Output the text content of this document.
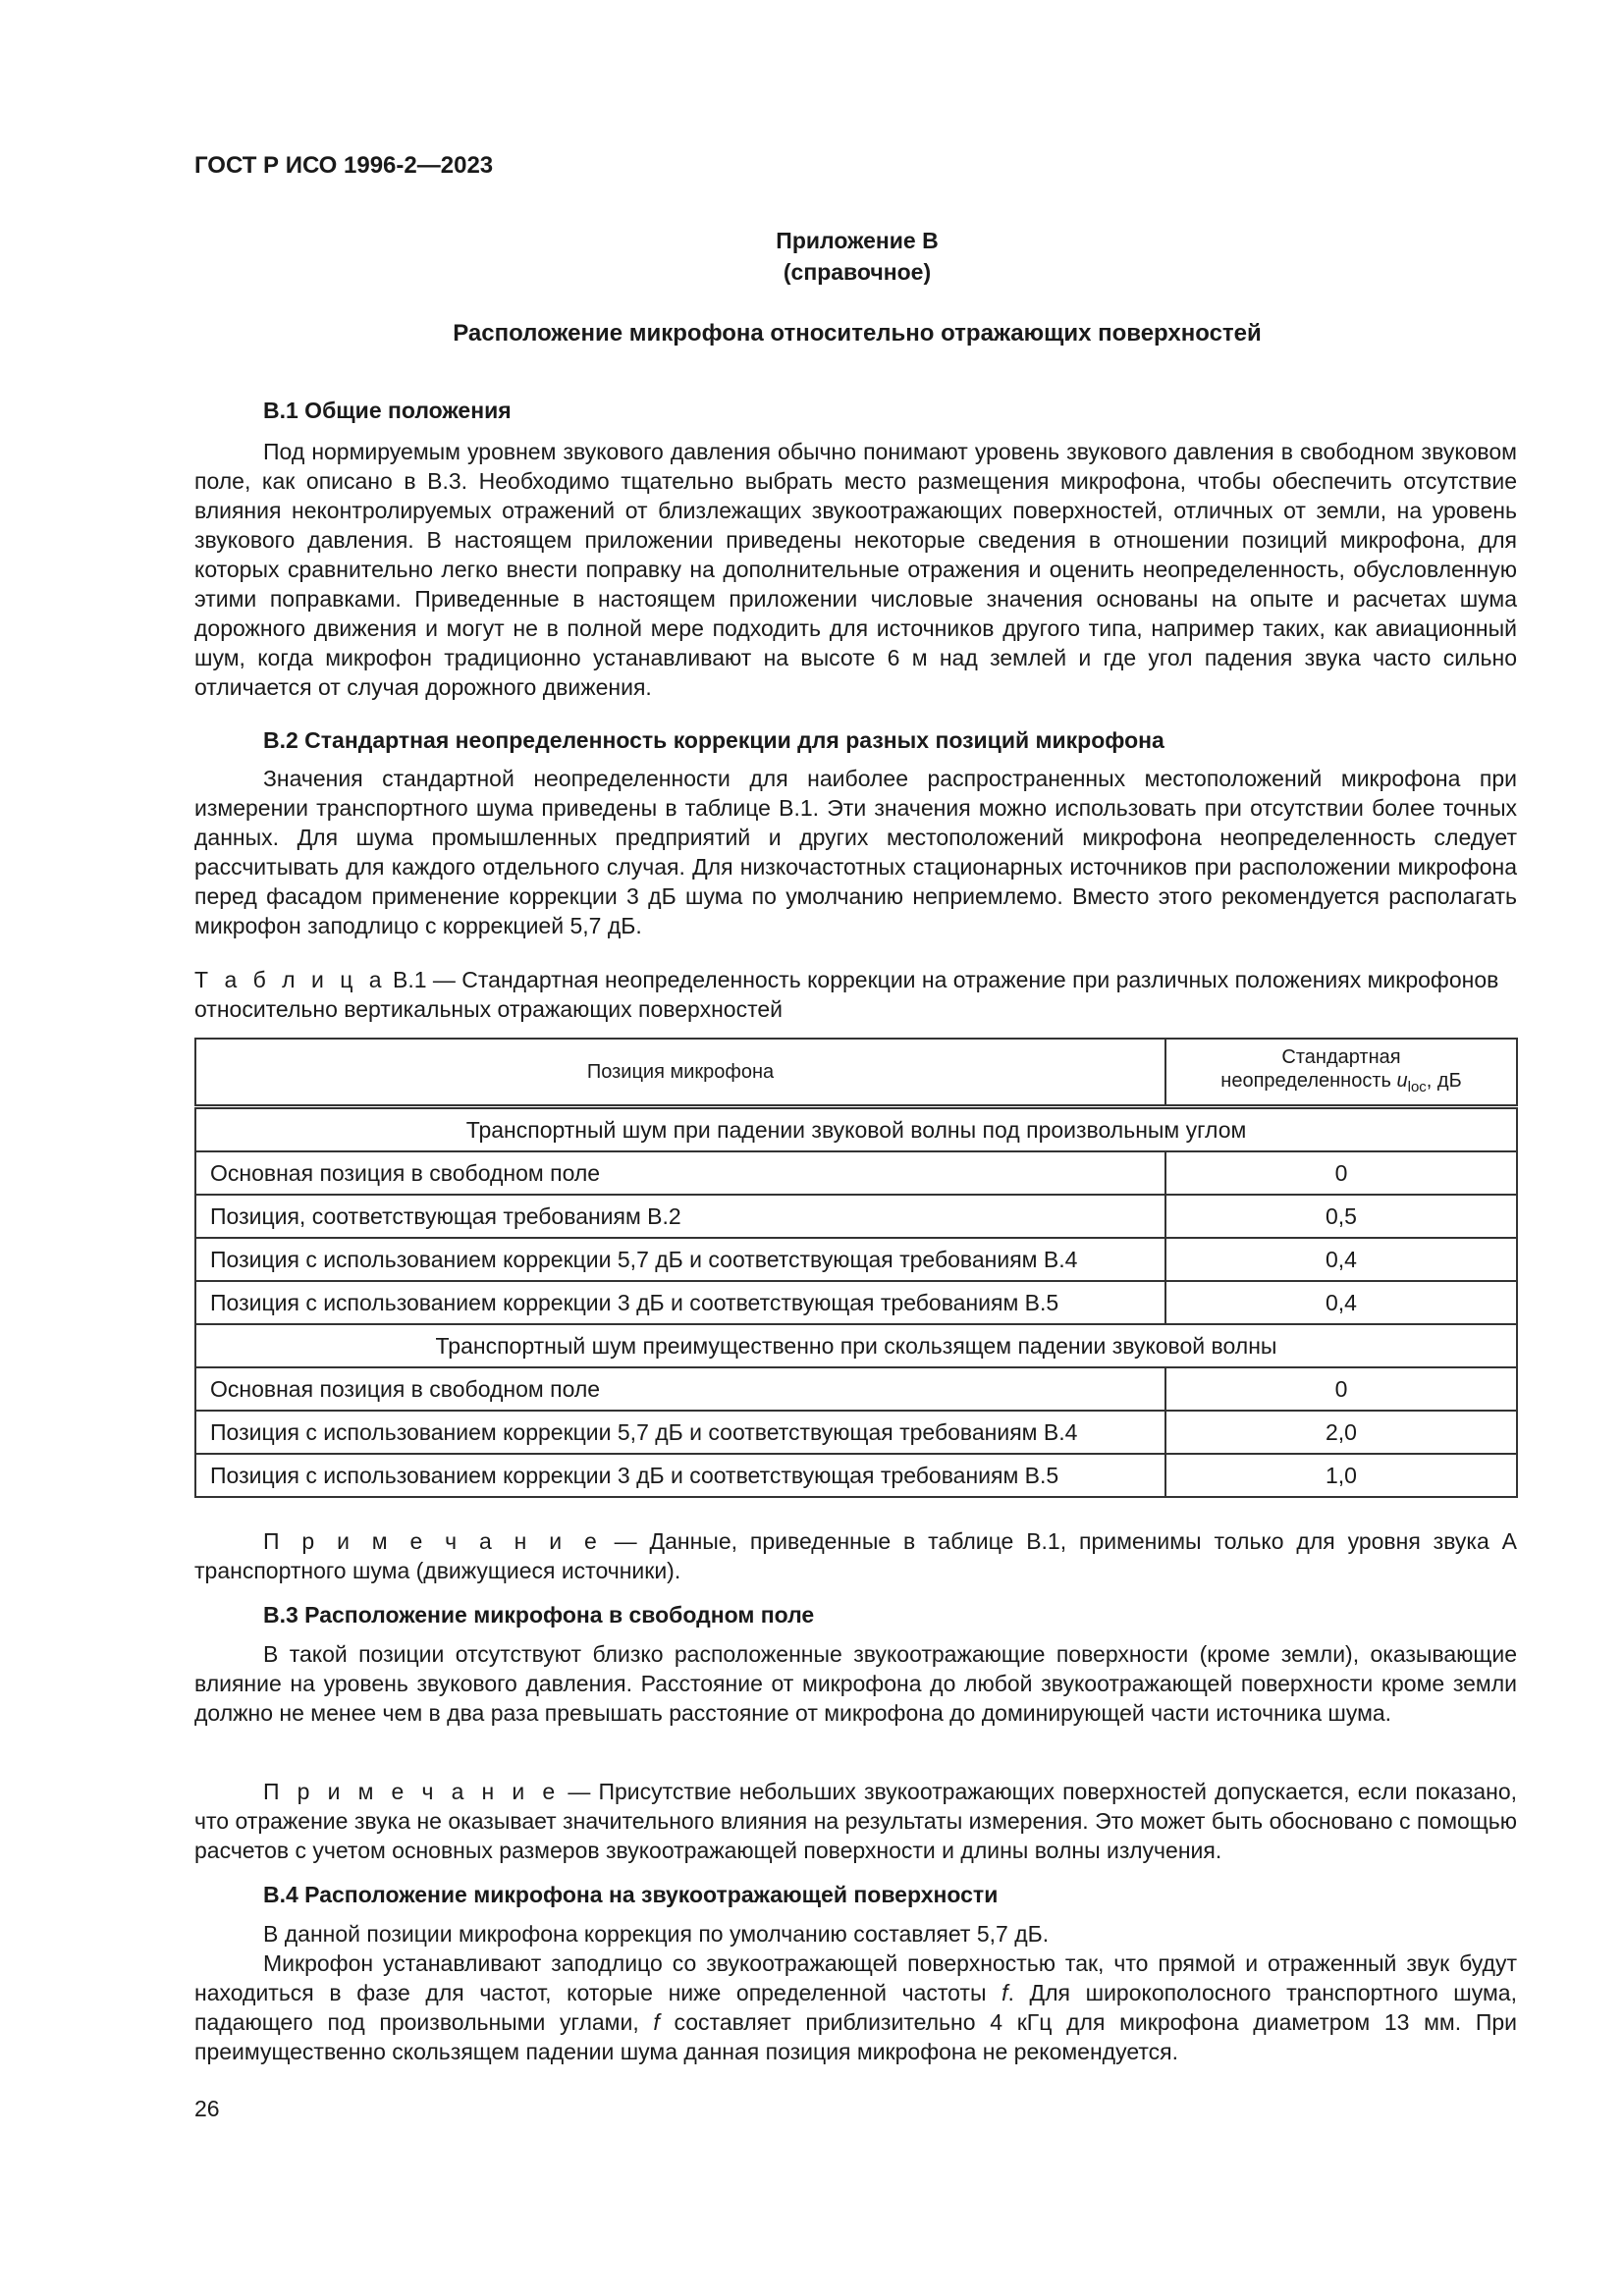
ГОСТ Р ИСО 1996-2—2023
Приложение В
(справочное)
Расположение микрофона относительно отражающих поверхностей
В.1 Общие положения

Под нормируемым уровнем звукового давления обычно понимают уровень звукового давления в свободном звуковом поле, как описано в В.3. Необходимо тщательно выбрать место размещения микрофона, чтобы обеспечить отсутствие влияния неконтролируемых отражений от близлежащих звукоотражающих поверхностей, отличных от земли, на уровень звукового давления. В настоящем приложении приведены некоторые сведения в отношении позиций микрофона, для которых сравнительно легко внести поправку на дополнительные отражения и оценить неопределенность, обусловленную этими поправками. Приведенные в настоящем приложении числовые значения основаны на опыте и расчетах шума дорожного движения и могут не в полной мере подходить для источников другого типа, например таких, как авиационный шум, когда микрофон традиционно устанавливают на высоте 6 м над землей и где угол падения звука часто сильно отличается от случая дорожного движения.

В.2 Стандартная неопределенность коррекции для разных позиций микрофона

Значения стандартной неопределенности для наиболее распространенных местоположений микрофона при измерении транспортного шума приведены в таблице В.1. Эти значения можно использовать при отсутствии более точных данных. Для шума промышленных предприятий и других местоположений микрофона неопределенность следует рассчитывать для каждого отдельного случая. Для низкочастотных стационарных источников при расположении микрофона перед фасадом применение коррекции 3 дБ шума по умолчанию неприемлемо. Вместо этого рекомендуется располагать микрофон заподлицо с коррекцией 5,7 дБ.

Т а б л и ц а В.1 — Стандартная неопределенность коррекции на отражение при различных положениях микрофонов относительно вертикальных отражающих поверхностей
Позиция микрофона	Стандартная
неопределенность $u_{loc}$, дБ
Транспортный шум при падении звуковой волны под произвольным углом	
Основная позиция в свободном поле	0
Позиция, соответствующая требованиям В.2	0,5
Позиция с использованием коррекции 5,7 дБ и соответствующая требованиям В.4	0,4
Позиция с использованием коррекции 3 дБ и соответствующая требованиям В.5	0,4
Транспортный шум преимущественно при скользящем падении звуковой волны	
Основная позиция в свободном поле	0
Позиция с использованием коррекции 5,7 дБ и соответствующая требованиям В.4	2,0
Позиция с использованием коррекции 3 дБ и соответствующая требованиям В.5	1,0

П р и м е ч а н и е — Данные, приведенные в таблице В.1, применимы только для уровня звука А транспортного шума (движущиеся источники).

В.3 Расположение микрофона в свободном поле

В такой позиции отсутствуют близко расположенные звукоотражающие поверхности (кроме земли), оказывающие влияние на уровень звукового давления. Расстояние от микрофона до любой звукоотражающей поверхности кроме земли должно не менее чем в два раза превышать расстояние от микрофона до доминирующей части источника шума.

П р и м е ч а н и е — Присутствие небольших звукоотражающих поверхностей допускается, если показано, что отражение звука не оказывает значительного влияния на результаты измерения. Это может быть обосновано с помощью расчетов с учетом основных размеров звукоотражающей поверхности и длины волны излучения.

В.4 Расположение микрофона на звукоотражающей поверхности

В данной позиции микрофона коррекция по умолчанию составляет 5,7 дБ.

Микрофон устанавливают заподлицо со звукоотражающей поверхностью так, что прямой и отраженный звук будут находиться в фазе для частот, которые ниже определенной частоты f. Для широкополосного транспортного шума, падающего под произвольными углами, f составляет приблизительно 4 кГц для микрофона диаметром 13 мм. При преимущественно скользящем падении шума данная позиция микрофона не рекомендуется.

26
